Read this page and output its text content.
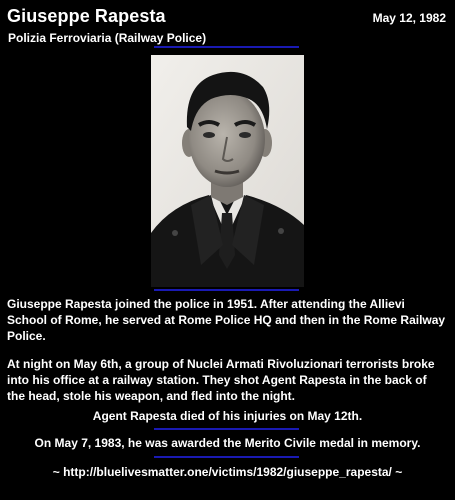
Giuseppe Rapesta
Polizia Ferroviaria (Railway Police)
May 12, 1982

Giuseppe Rapesta joined the police in 1951. After attending the Allievi School of Rome, he served at Rome Police HQ and then in the Rome Railway Police.

At night on May 6th, a group of Nuclei Armati Rivoluzionari terrorists broke into his office at a railway station. They shot Agent Rapesta in the back of the head, stole his weapon, and fled into the night.

Agent Rapesta died of his injuries on May 12th.
On May 7, 1983, he was awarded the Merito Civile medal in memory.
~ http://bluelivesmatter.one/victims/1982/giuseppe_rapesta/ ~
